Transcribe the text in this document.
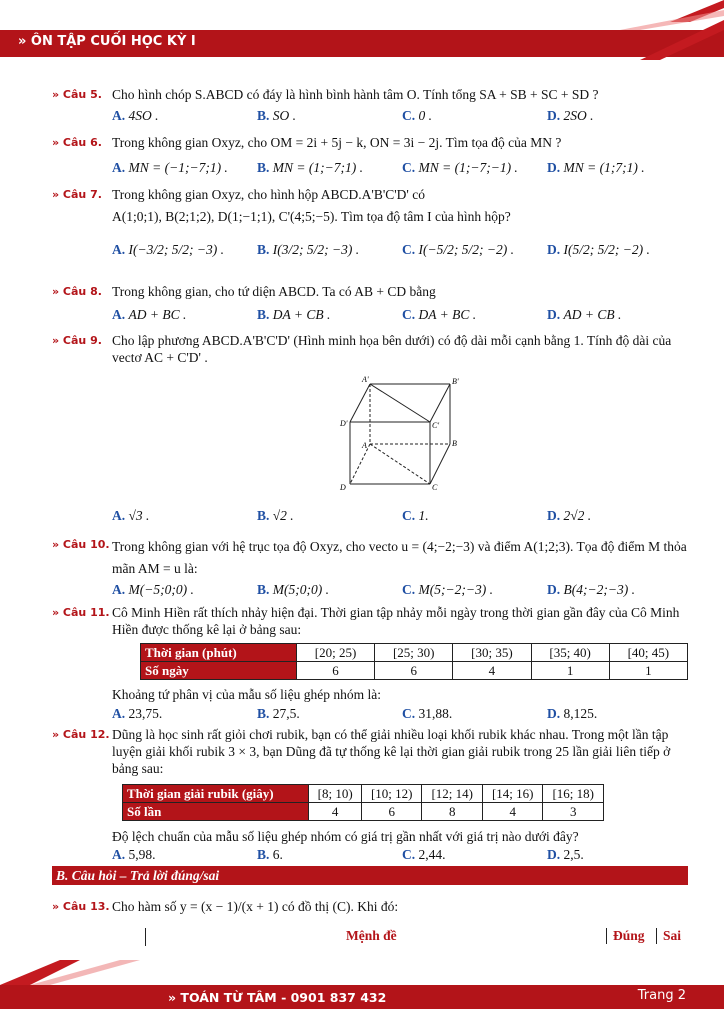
» ÔN TẬP CUỐI HỌC KỲ I
» Câu 5. Cho hình chóp S.ABCD có đáy là hình bình hành tâm O. Tính tổng SA + SB + SC + SD ?
A. 4SO .	B. SO .	C. 0 .	D. 2SO .
» Câu 6. Trong không gian Oxyz, cho OM = 2i + 5j − k, ON = 3i − 2j. Tìm tọa độ của MN ?
A. MN = (−1;−7;1) .	B. MN = (1;−7;1) .	C. MN = (1;−7;−1) .	D. MN = (1;7;1) .
» Câu 7. Trong không gian Oxyz, cho hình hộp ABCD.A'B'C'D' có
A(1;0;1), B(2;1;2), D(1;−1;1), C'(4;5;−5). Tìm tọa độ tâm I của hình hộp?
A. I(−3/2; 5/2; −3) .	B. I(3/2; 5/2; −3) .	C. I(−5/2; 5/2; −2) .	D. I(5/2; 5/2; −2) .
» Câu 8. Trong không gian, cho tứ diện ABCD. Ta có AB + CD bằng
A. AD + BC .	B. DA + CB .	C. DA + BC .	D. AD + CB .
» Câu 9. Cho lập phương ABCD.A'B'C'D' (Hình minh họa bên dưới) có độ dài mỗi cạnh bằng 1. Tính độ dài của vectơ AC + C'D' .
A'	B'
C'
D'
A	B
C
D
A. √3 .	B. √2 .	C. 1.	D. 2√2 .
» Câu 10. Trong không gian với hệ trục tọa độ Oxyz, cho vecto u = (4;−2;−3) và điểm A(1;2;3). Tọa độ điểm M thỏa mãn AM = u là:
A. M(−5;0;0) .	B. M(5;0;0) .	C. M(5;−2;−3) .	D. B(4;−2;−3) .
» Câu 11. Cô Minh Hiền rất thích nhảy hiện đại. Thời gian tập nhảy mỗi ngày trong thời gian gần đây của Cô Minh Hiền được thống kê lại ở bảng sau:
Thời gian (phút)	[20; 25)	[25; 30)	[30; 35)	[35; 40)	[40; 45)
Số ngày	6	6	4	1	1
Khoảng tứ phân vị của mẫu số liệu ghép nhóm là:
A. 23,75.	B. 27,5.	C. 31,88.	D. 8,125.
» Câu 12. Dũng là học sinh rất giỏi chơi rubik, bạn có thể giải nhiều loại khối rubik khác nhau. Trong một lần tập luyện giải khối rubik 3 × 3, bạn Dũng đã tự thống kê lại thời gian giải rubik trong 25 lần giải liên tiếp ở bảng sau:
Thời gian giải rubik (giây)	[8; 10)	[10; 12)	[12; 14)	[14; 16)	[16; 18)
Số lần	4	6	8	4	3
Độ lệch chuẩn của mẫu số liệu ghép nhóm có giá trị gần nhất với giá trị nào dưới đây?
A. 5,98.	B. 6.	C. 2,44.	D. 2,5.
B. Câu hỏi – Trả lời đúng/sai
» Câu 13. Cho hàm số y = (x − 1)/(x + 1) có đồ thị (C). Khi đó:
Mệnh đề	Đúng	Sai
» TOÁN TỪ TÂM - 0901 837 432	Trang 2
